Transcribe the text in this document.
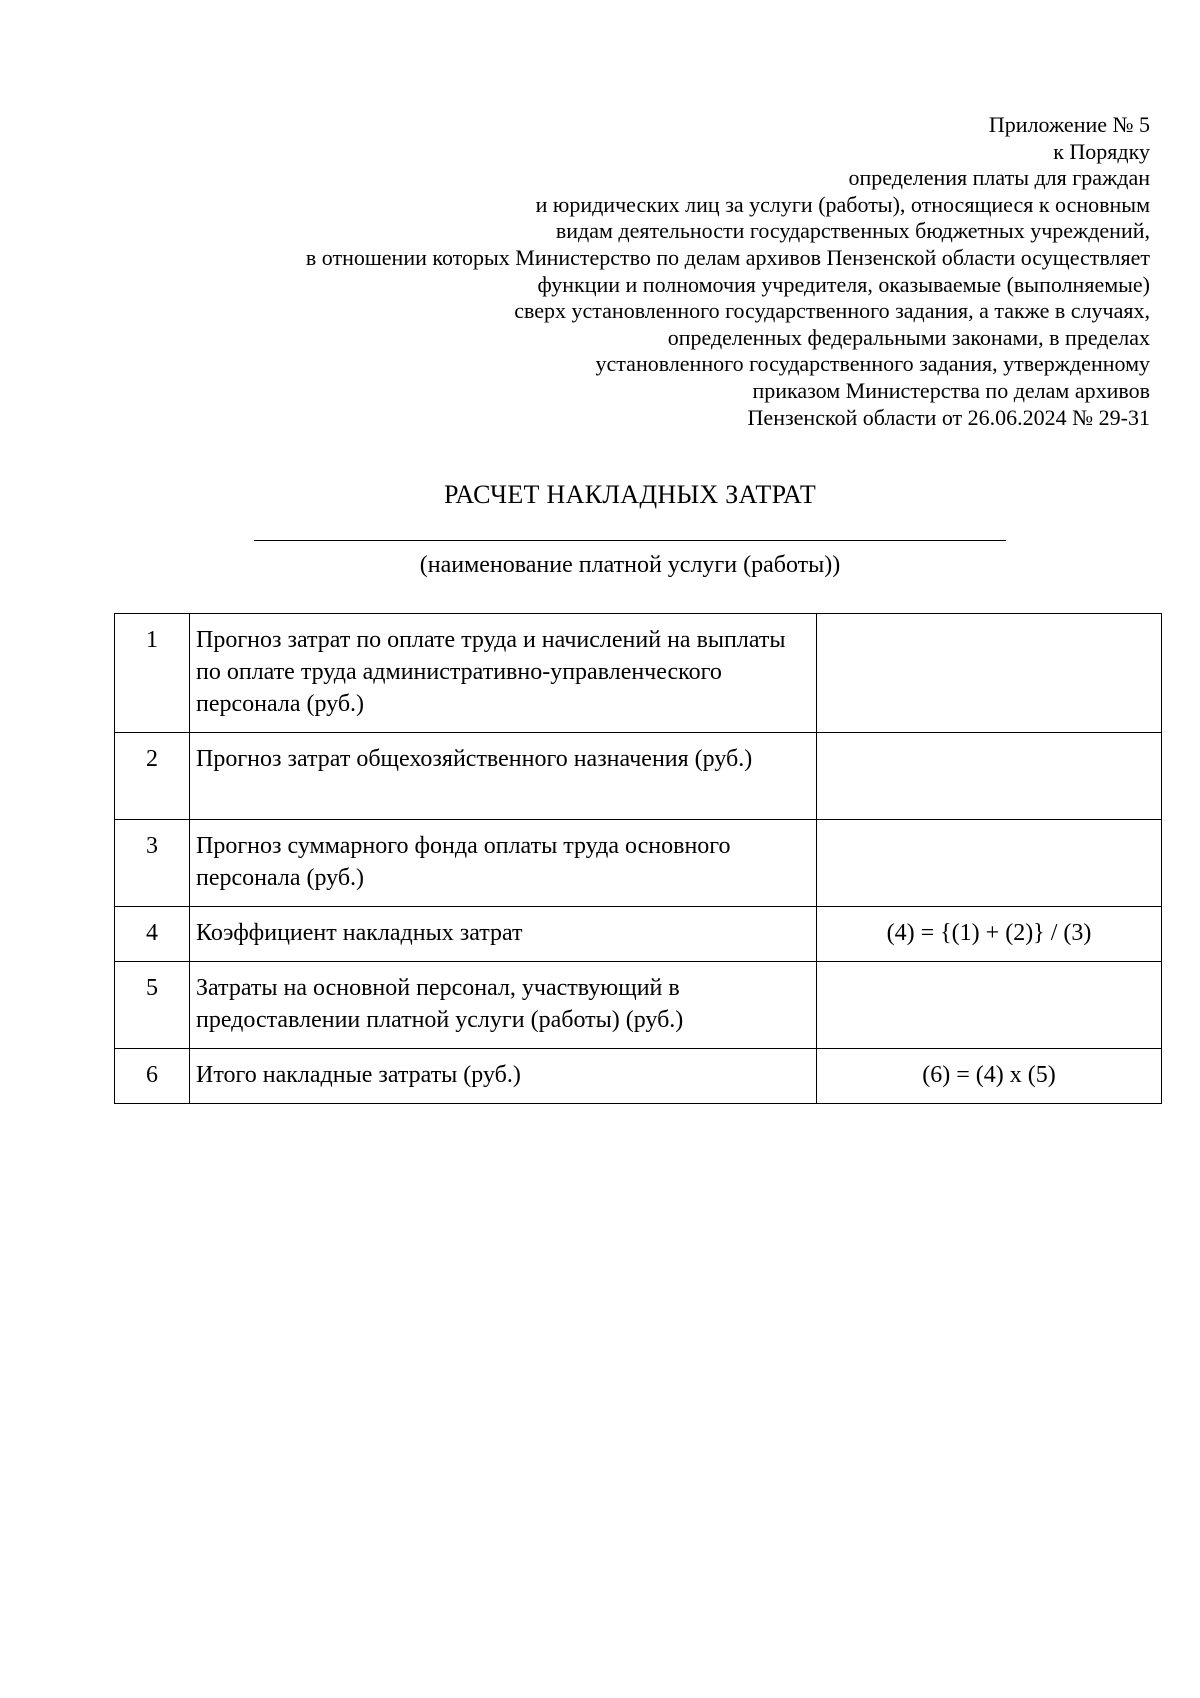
Приложение № 5
к Порядку
определения платы для граждан
и юридических лиц за услуги (работы), относящиеся к основным
видам деятельности государственных бюджетных учреждений,
в отношении которых Министерство по делам архивов Пензенской области осуществляет
функции и полномочия учредителя, оказываемые (выполняемые)
сверх установленного государственного задания, а также в случаях,
определенных федеральными законами, в пределах
установленного государственного задания, утвержденному
приказом Министерства по делам архивов
Пензенской области от 26.06.2024 № 29-31
РАСЧЕТ НАКЛАДНЫХ ЗАТРАТ
(наименование платной услуги (работы))
1	Прогноз затрат по оплате труда и начислений на выплаты по оплате труда административно-управленческого персонала (руб.)	
2	Прогноз затрат общехозяйственного назначения (руб.)	
3	Прогноз суммарного фонда оплаты труда основного персонала (руб.)	
4	Коэффициент накладных затрат	(4) = {(1) + (2)} / (3)
5	Затраты на основной персонал, участвующий в предоставлении платной услуги (работы) (руб.)	
6	Итого накладные затраты (руб.)	(6) = (4) х (5)
